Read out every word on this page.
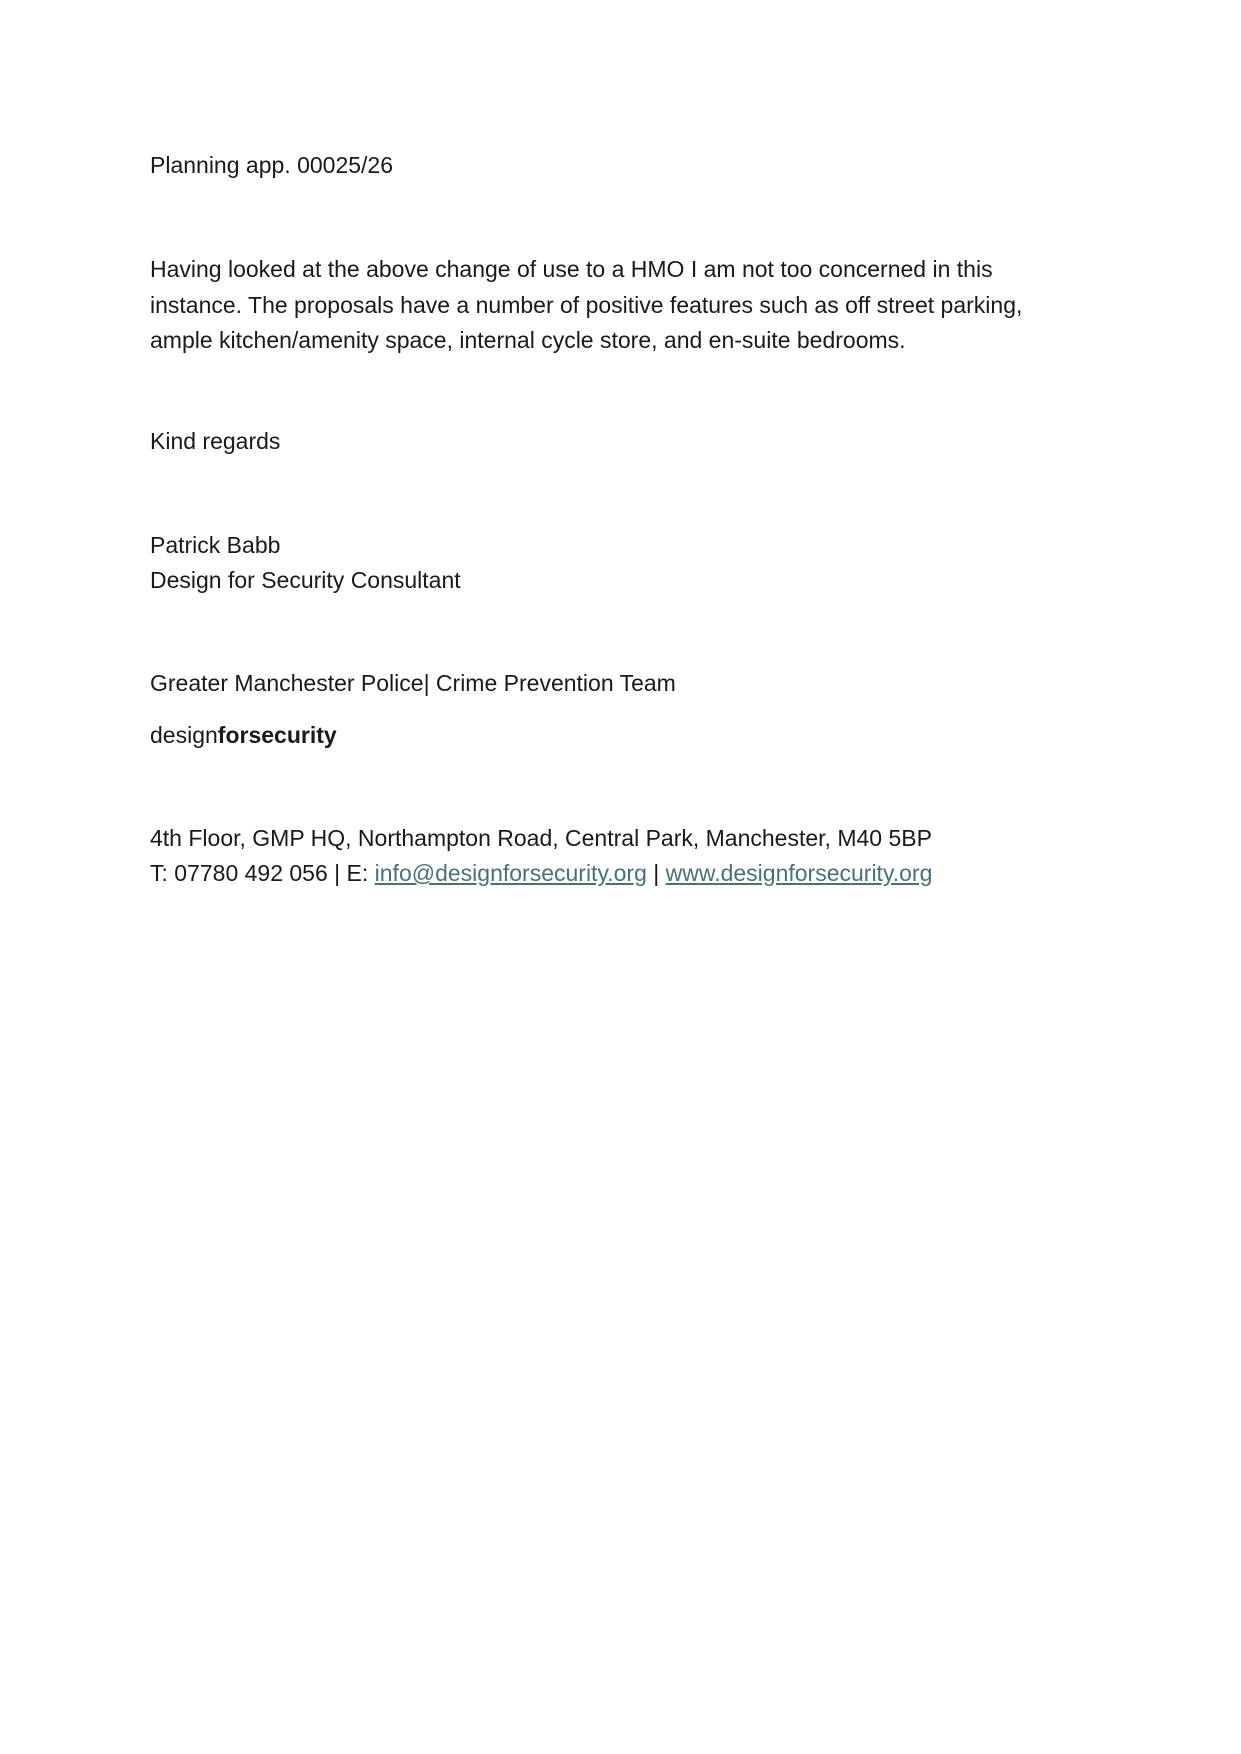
Planning app. 00025/26
Having looked at the above change of use to a HMO I am not too concerned in this
instance. The proposals have a number of positive features such as off street parking,
ample kitchen/amenity space, internal cycle store, and en-suite bedrooms.
Kind regards
Patrick Babb
Design for Security Consultant
Greater Manchester Police| Crime Prevention Team
designforsecurity
4th Floor, GMP HQ, Northampton Road, Central Park, Manchester, M40 5BP
T: 07780 492 056 | E: info@designforsecurity.org | www.designforsecurity.org
